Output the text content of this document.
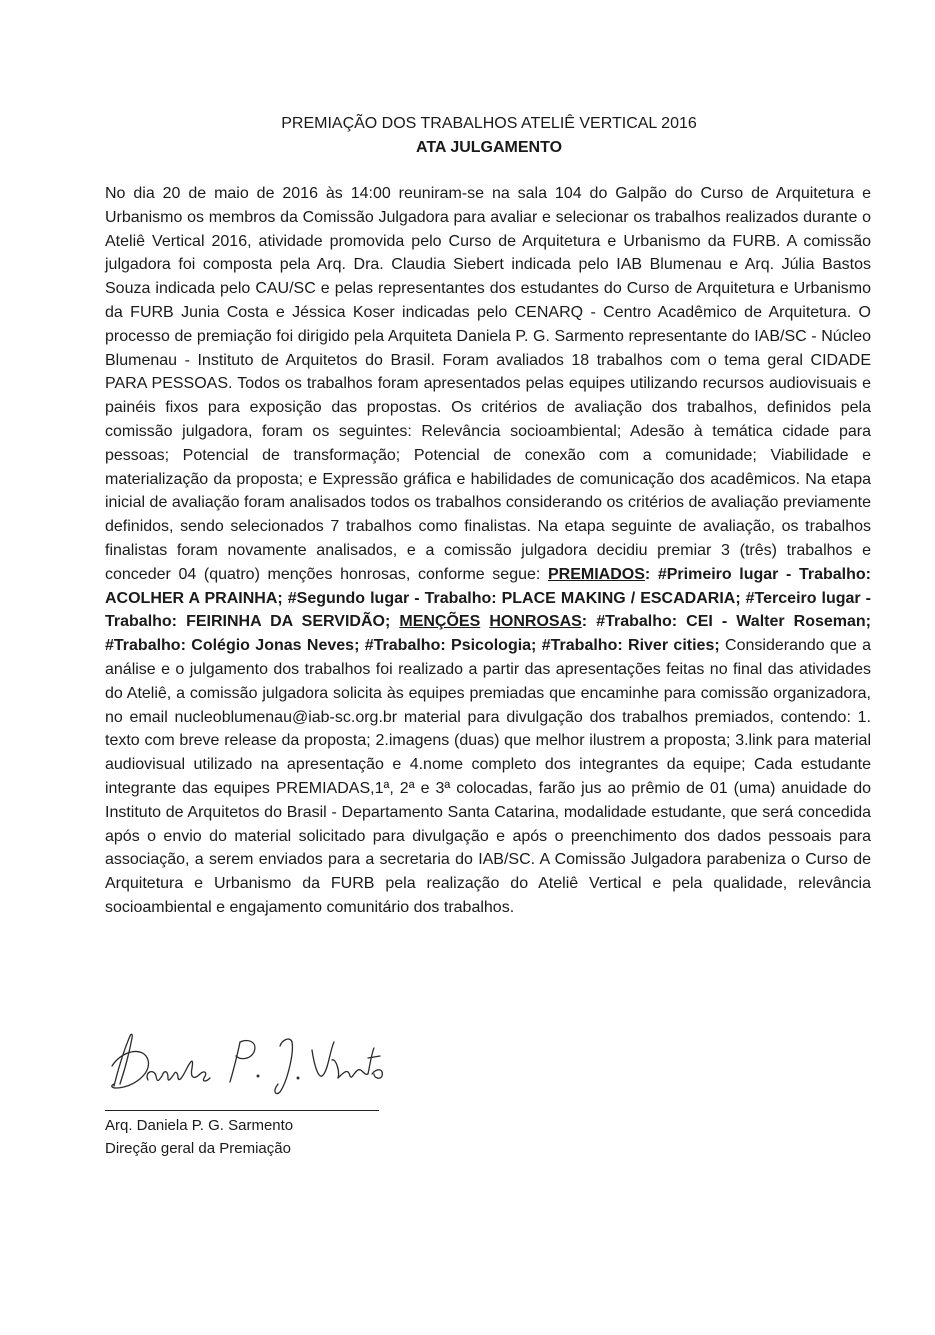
PREMIAÇÃO DOS TRABALHOS ATELIÊ VERTICAL 2016
ATA JULGAMENTO
No dia 20 de maio de 2016 às 14:00 reuniram-se na sala 104 do Galpão do Curso de Arquitetura e Urbanismo os membros da Comissão Julgadora para avaliar e selecionar os trabalhos realizados durante o Ateliê Vertical 2016, atividade promovida pelo Curso de Arquitetura e Urbanismo da FURB. A comissão julgadora foi composta pela Arq. Dra. Claudia Siebert indicada pelo IAB Blumenau e Arq. Júlia Bastos Souza indicada pelo CAU/SC e pelas representantes dos estudantes do Curso de Arquitetura e Urbanismo da FURB Junia Costa e Jéssica Koser indicadas pelo CENARQ - Centro Acadêmico de Arquitetura. O processo de premiação foi dirigido pela Arquiteta Daniela P. G. Sarmento representante do IAB/SC - Núcleo Blumenau - Instituto de Arquitetos do Brasil. Foram avaliados 18 trabalhos com o tema geral CIDADE PARA PESSOAS. Todos os trabalhos foram apresentados pelas equipes utilizando recursos audiovisuais e painéis fixos para exposição das propostas. Os critérios de avaliação dos trabalhos, definidos pela comissão julgadora, foram os seguintes: Relevância socioambiental; Adesão à temática cidade para pessoas; Potencial de transformação; Potencial de conexão com a comunidade; Viabilidade e materialização da proposta; e Expressão gráfica e habilidades de comunicação dos acadêmicos. Na etapa inicial de avaliação foram analisados todos os trabalhos considerando os critérios de avaliação previamente definidos, sendo selecionados 7 trabalhos como finalistas. Na etapa seguinte de avaliação, os trabalhos finalistas foram novamente analisados, e a comissão julgadora decidiu premiar 3 (três) trabalhos e conceder 04 (quatro) menções honrosas, conforme segue: PREMIADOS: #Primeiro lugar - Trabalho: ACOLHER A PRAINHA; #Segundo lugar - Trabalho: PLACE MAKING / ESCADARIA; #Terceiro lugar - Trabalho: FEIRINHA DA SERVIDÃO; MENÇÕES HONROSAS: #Trabalho: CEI - Walter Roseman; #Trabalho: Colégio Jonas Neves; #Trabalho: Psicologia; #Trabalho: River cities; Considerando que a análise e o julgamento dos trabalhos foi realizado a partir das apresentações feitas no final das atividades do Ateliê, a comissão julgadora solicita às equipes premiadas que encaminhe para comissão organizadora, no email nucleoblumenau@iab-sc.org.br material para divulgação dos trabalhos premiados, contendo: 1. texto com breve release da proposta; 2.imagens (duas) que melhor ilustrem a proposta; 3.link para material audiovisual utilizado na apresentação e 4.nome completo dos integrantes da equipe; Cada estudante integrante das equipes PREMIADAS,1ª, 2ª e 3ª colocadas, farão jus ao prêmio de 01 (uma) anuidade do Instituto de Arquitetos do Brasil - Departamento Santa Catarina, modalidade estudante, que será concedida após o envio do material solicitado para divulgação e após o preenchimento dos dados pessoais para associação, a serem enviados para a secretaria do IAB/SC. A Comissão Julgadora parabeniza o Curso de Arquitetura e Urbanismo da FURB pela realização do Ateliê Vertical e pela qualidade, relevância socioambiental e engajamento comunitário dos trabalhos.
Arq. Daniela P. G. Sarmento
Direção geral da Premiação
